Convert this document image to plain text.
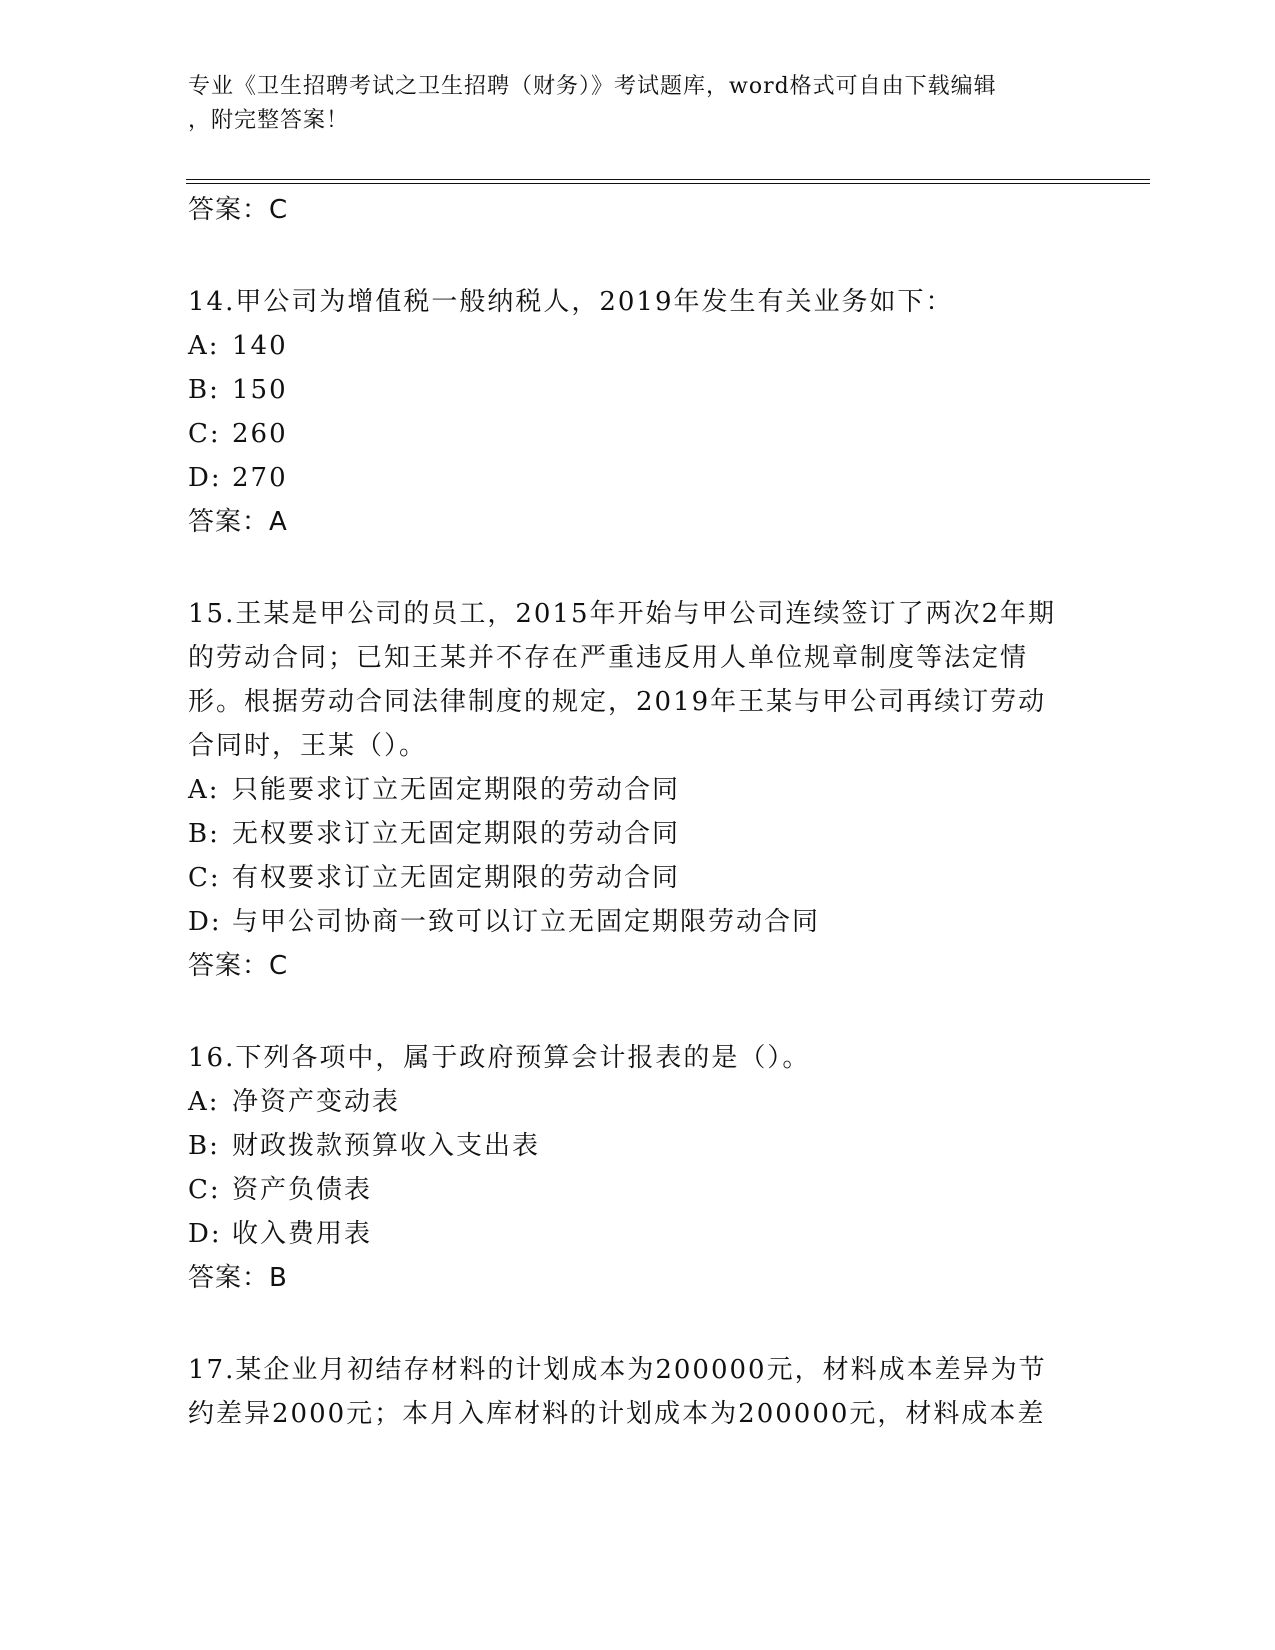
专业《卫生招聘考试之卫生招聘（财务）》考试题库，word格式可自由下载编辑
，附完整答案！
答案：C
14.甲公司为增值税一般纳税人，2019年发生有关业务如下：
A: 140
B: 150
C: 260
D: 270
答案：A
15.王某是甲公司的员工，2015年开始与甲公司连续签订了两次2年期
的劳动合同；已知王某并不存在严重违反用人单位规章制度等法定情
形。根据劳动合同法律制度的规定，2019年王某与甲公司再续订劳动
合同时，王某（）。
A: 只能要求订立无固定期限的劳动合同
B: 无权要求订立无固定期限的劳动合同
C: 有权要求订立无固定期限的劳动合同
D: 与甲公司协商一致可以订立无固定期限劳动合同
答案：C
16.下列各项中，属于政府预算会计报表的是（）。
A: 净资产变动表
B: 财政拨款预算收入支出表
C: 资产负债表
D: 收入费用表
答案：B
17.某企业月初结存材料的计划成本为200000元，材料成本差异为节
约差异2000元；本月入库材料的计划成本为200000元，材料成本差
